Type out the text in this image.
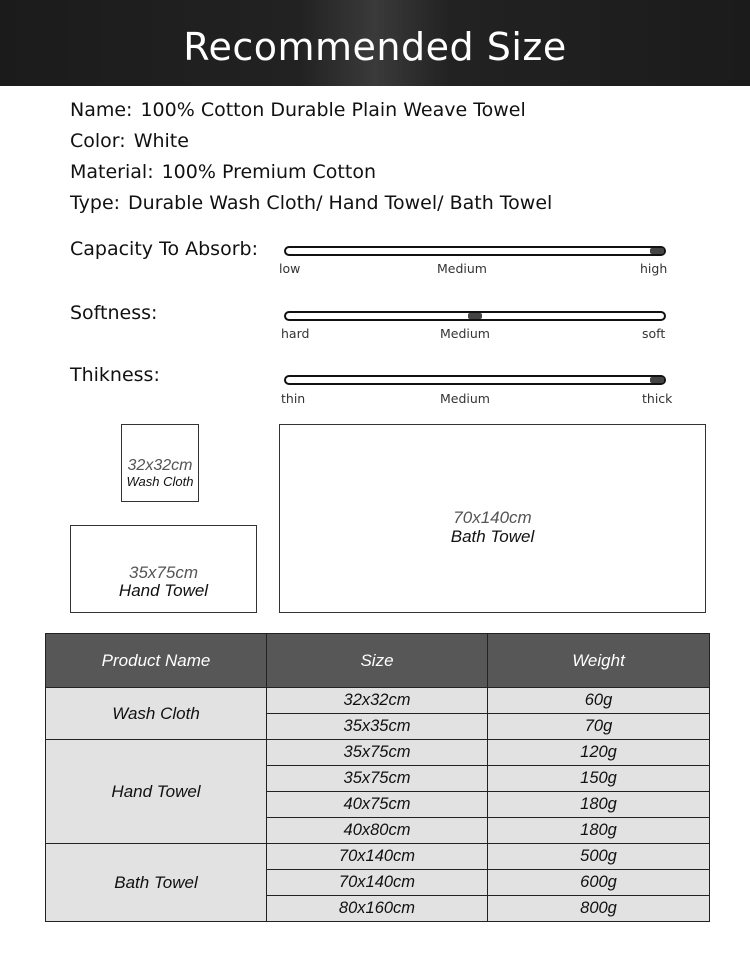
Recommended Size
Name: 100% Cotton Durable Plain Weave Towel
Color: White
Material: 100% Premium Cotton
Type: Durable Wash Cloth/ Hand Towel/ Bath Towel
Capacity To Absorb:
low	Medium	high
Softness:
hard	Medium	soft
Thikness:
thin	Medium	thick
32x32cm
Wash Cloth
35x75cm
Hand Towel
70x140cm
Bath Towel
Product Name	Size	Weight
Wash Cloth	32x32cm	60g
	35x35cm	70g
Hand Towel	35x75cm	120g
	35x75cm	150g
	40x75cm	180g
	40x80cm	180g
Bath Towel	70x140cm	500g
	70x140cm	600g
	80x160cm	800g
